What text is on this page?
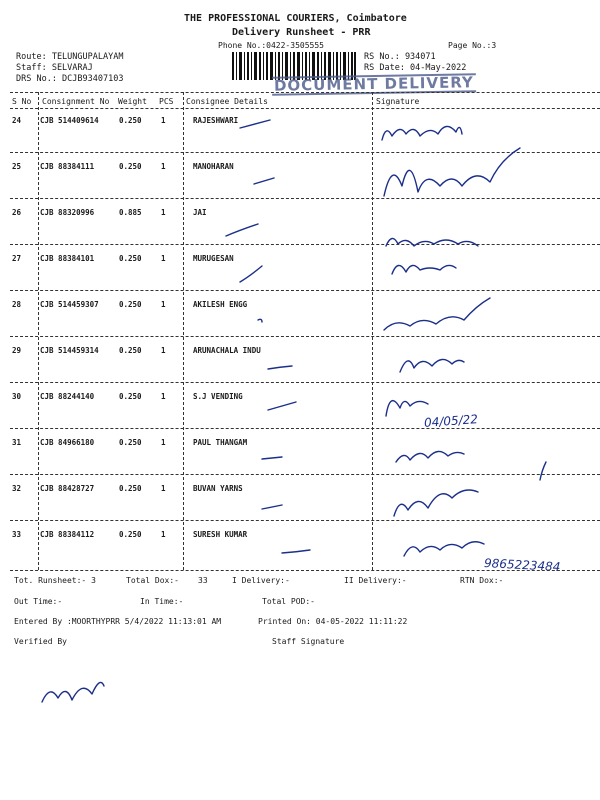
THE PROFESSIONAL COURIERS, Coimbatore
Delivery Runsheet - PRR
Phone No.:0422-3505555	Page No.:3
Route: TELUNGUPALAYAM
Staff: SELVARAJ
DRS No.: DCJB93407103
RS No.: 934071
RS Date: 04-May-2022
DOCUMENT DELIVERY
S No Consignment No Weight PCS Consignee Details	Signature
24	CJB 514409614	0.250	1	RAJESHWARI
25	CJB 88384111	0.250	1	MANOHARAN
26	CJB 88320996	0.885	1	JAI
27	CJB 88384101	0.250	1	MURUGESAN
28	CJB 514459307	0.250	1	AKILESH ENGG
29	CJB 514459314	0.250	1	ARUNACHALA INDU
30	CJB 88244140	0.250	1	S.J VENDING
31	CJB 84966180	0.250	1	PAUL THANGAM
32	CJB 88428727	0.250	1	BUVAN YARNS
33	CJB 88384112	0.250	1	SURESH KUMAR
04/05/22
9865223484
Tot. Runsheet:- 3	Total Dox:- 33	I Delivery:-	II Delivery:-	RTN Dox:-
Out Time:-	In Time:-	Total POD:-
Entered By :MOORTHYPRR 5/4/2022 11:13:01 AM	Printed On: 04-05-2022 11:11:22
Verified By	Staff Signature
